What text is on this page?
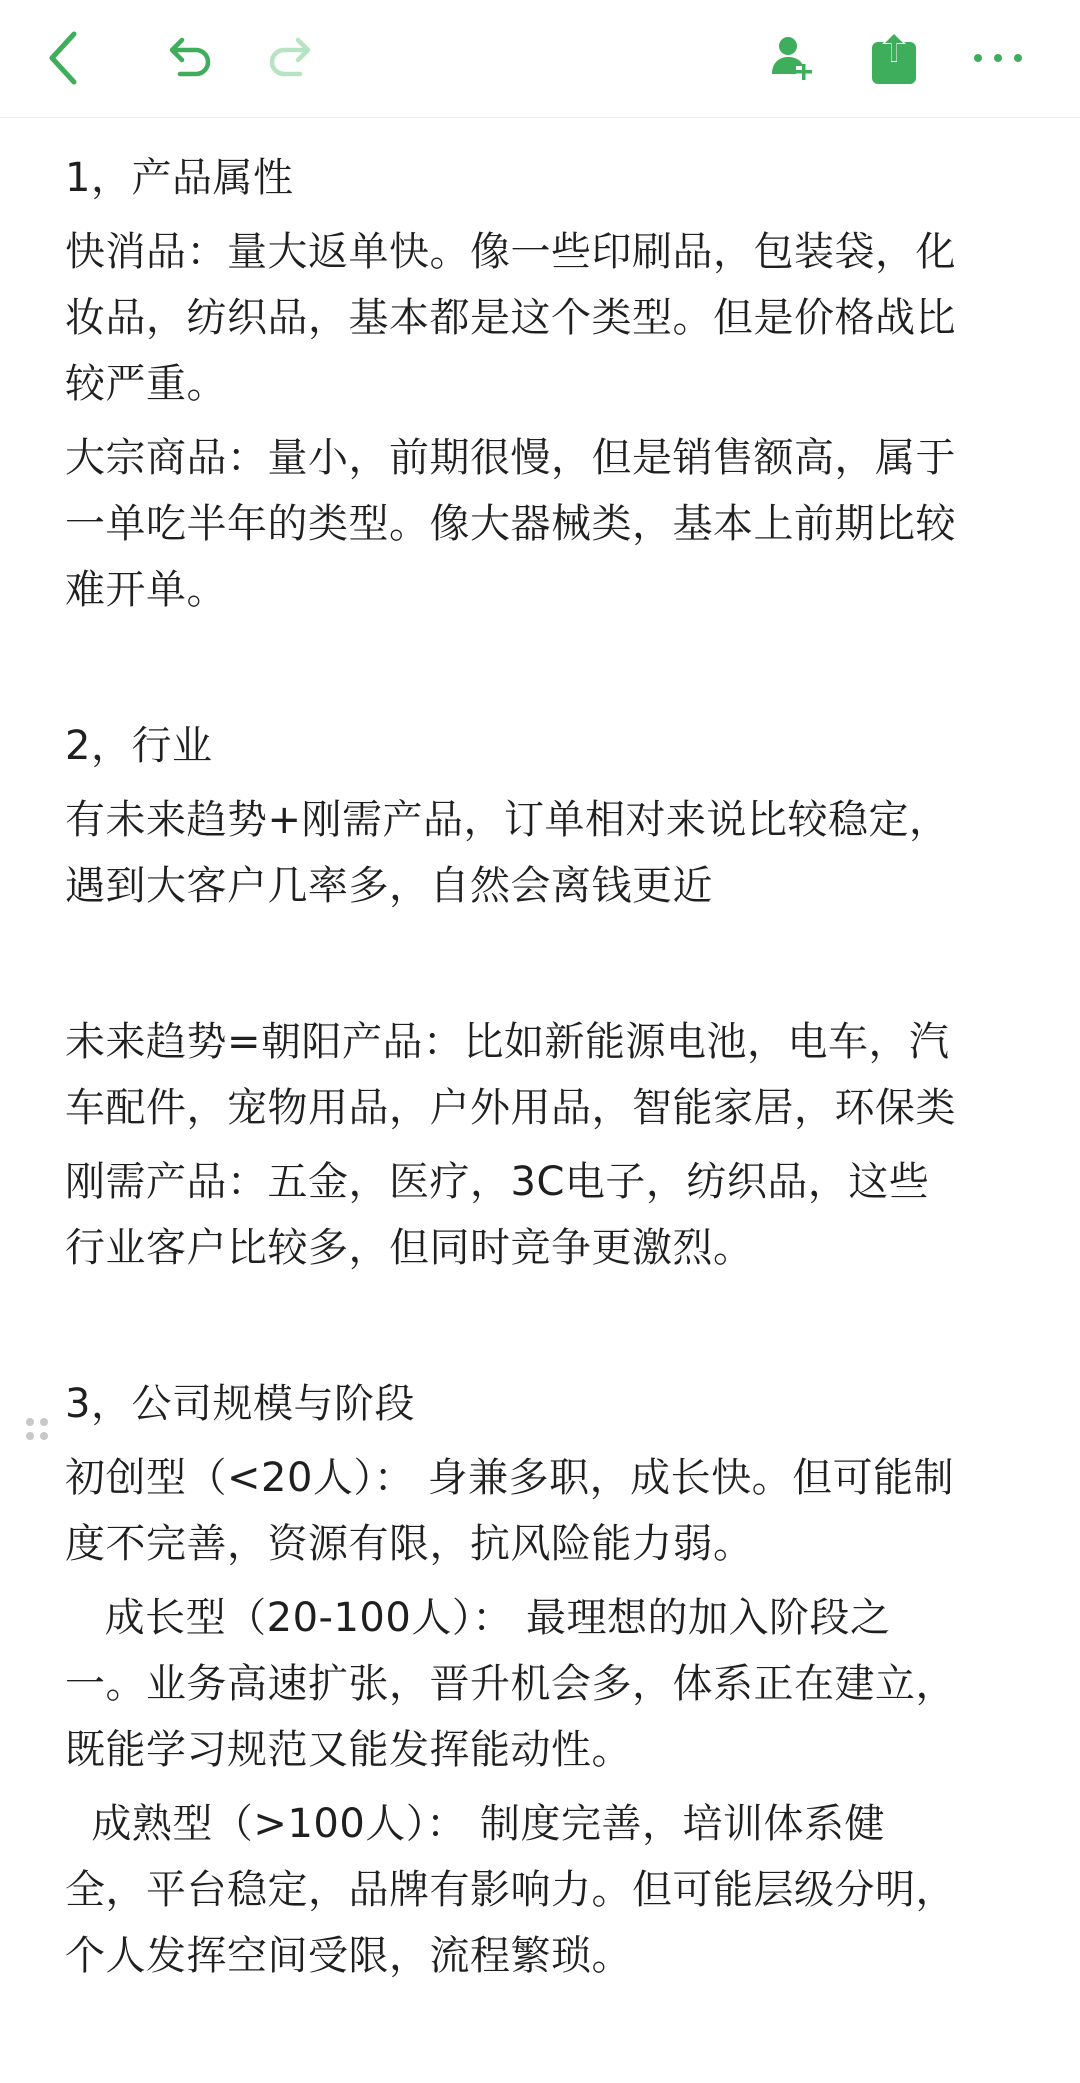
1，产品属性
快消品：量大返单快。像一些印刷品，包装袋，化
妆品，纺织品，基本都是这个类型。但是价格战比
较严重。
大宗商品：量小，前期很慢，但是销售额高，属于
一单吃半年的类型。像大器械类，基本上前期比较
难开单。
2，行业
有未来趋势+刚需产品，订单相对来说比较稳定，
遇到大客户几率多，自然会离钱更近
未来趋势=朝阳产品：比如新能源电池，电车，汽
车配件，宠物用品，户外用品，智能家居，环保类
刚需产品：五金，医疗，3C电子，纺织品，这些
行业客户比较多，但同时竞争更激烈。
3，公司规模与阶段
初创型（<20人）： 身兼多职，成长快。但可能制
度不完善，资源有限，抗风险能力弱。
成长型（20-100人）： 最理想的加入阶段之
一。业务高速扩张，晋升机会多，体系正在建立，
既能学习规范又能发挥能动性。
成熟型（>100人）： 制度完善，培训体系健
全，平台稳定，品牌有影响力。但可能层级分明，
个人发挥空间受限，流程繁琐。
